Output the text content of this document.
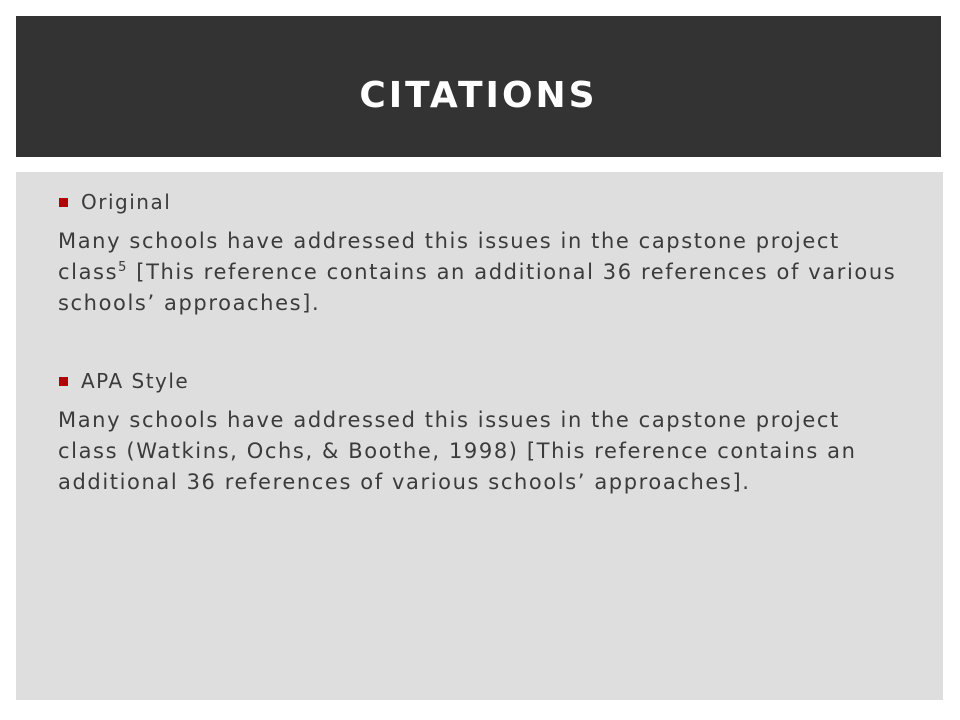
CITATIONS
Original

Many schools have addressed this issues in the capstone project class$^5$ [This reference contains an additional 36 references of various schools’ approaches].

APA Style

Many schools have addressed this issues in the capstone project class (Watkins, Ochs, & Boothe, 1998) [This reference contains an additional 36 references of various schools’ approaches].
